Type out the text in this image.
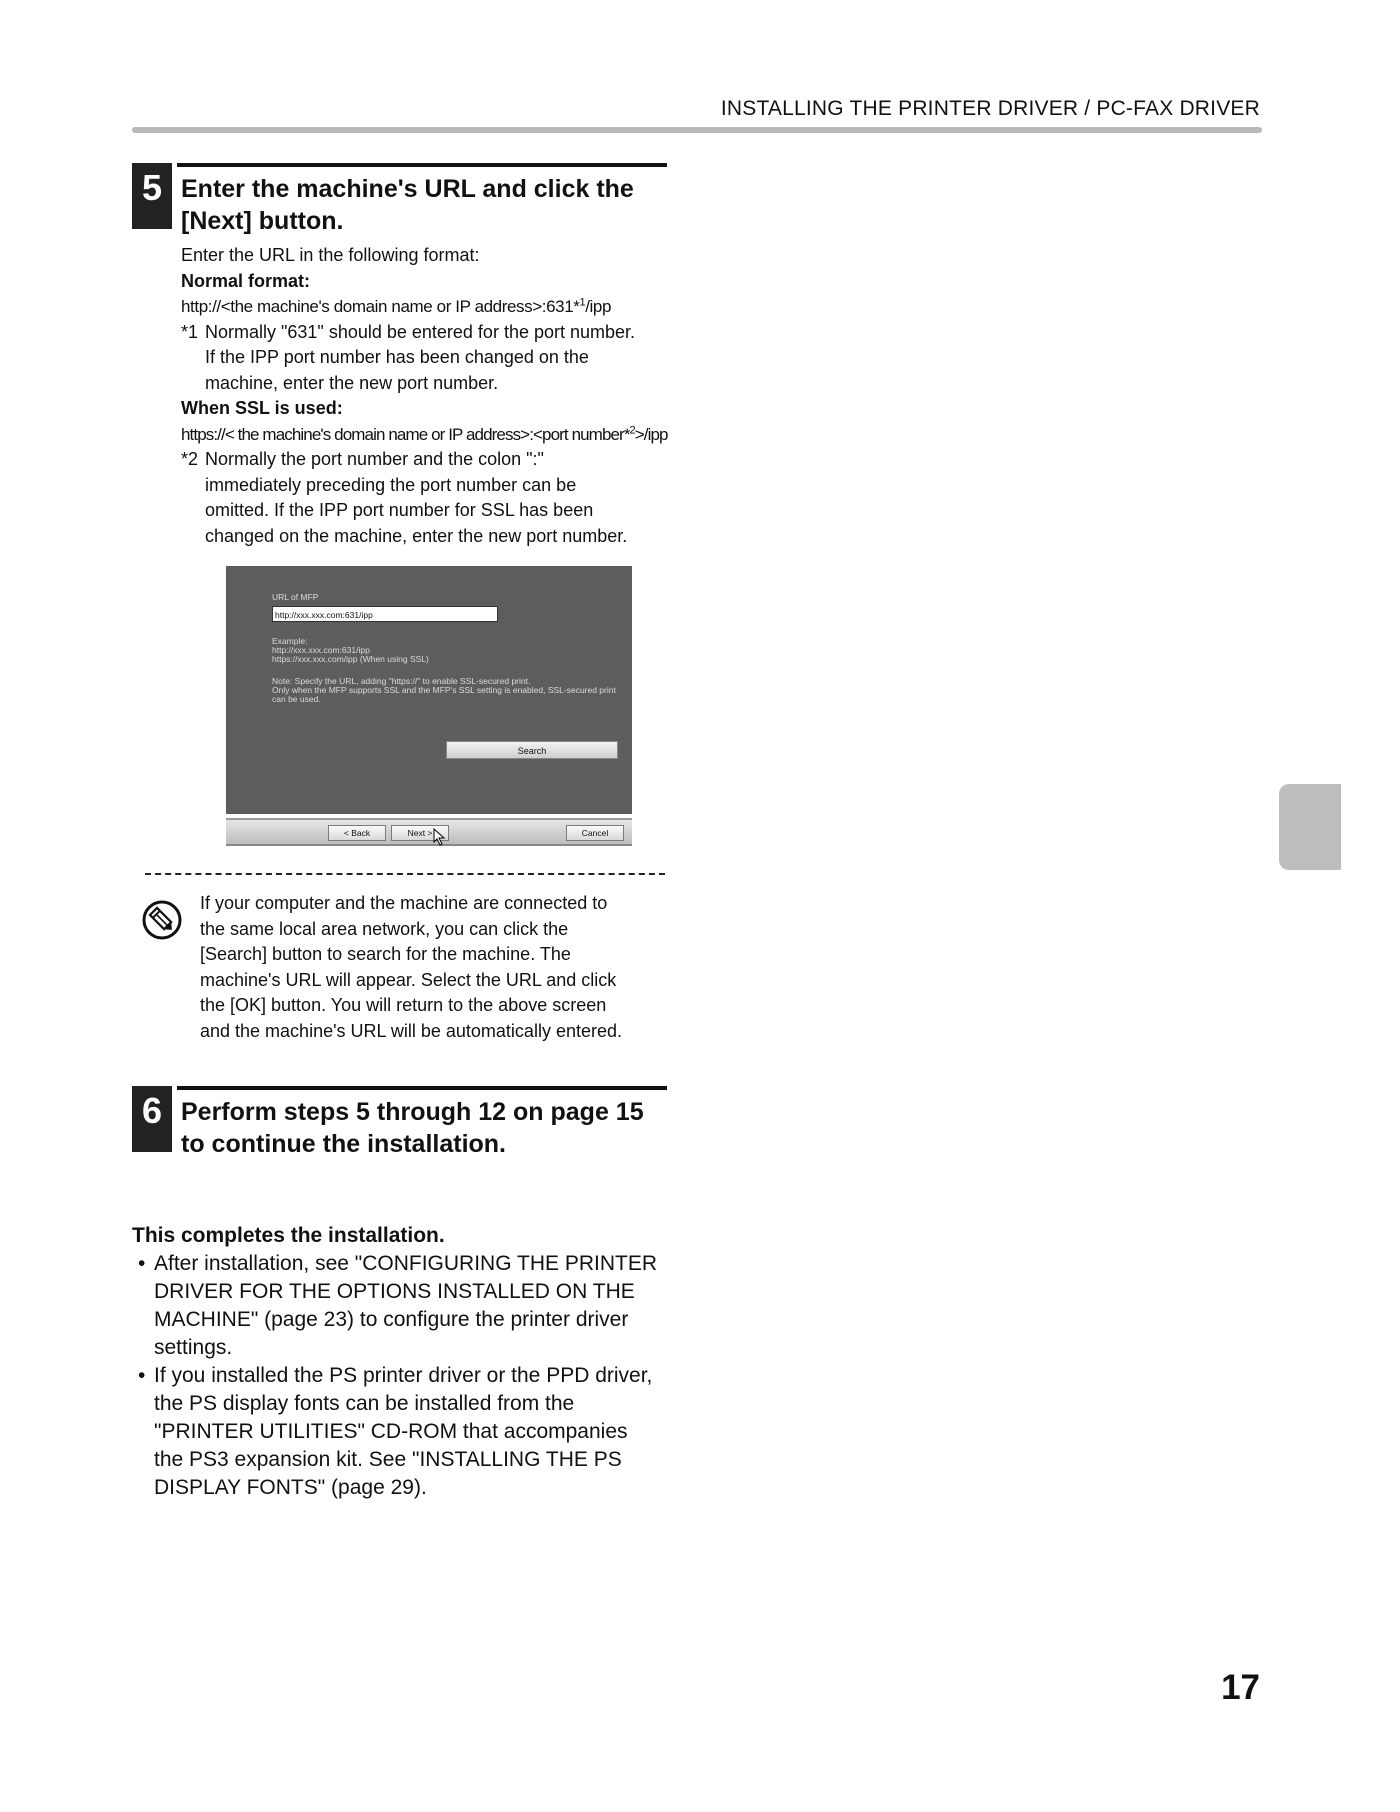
INSTALLING THE PRINTER DRIVER / PC-FAX DRIVER
5 Enter the machine's URL and click the
[Next] button.
Enter the URL in the following format:
Normal format:
http://<the machine's domain name or IP address>:631*$^1$/ipp
*1 Normally "631" should be entered for the port number.
If the IPP port number has been changed on the
machine, enter the new port number.
When SSL is used:
https://< the machine's domain name or IP address>:<port number*$^2$>/ipp
*2 Normally the port number and the colon ":"
immediately preceding the port number can be
omitted. If the IPP port number for SSL has been
changed on the machine, enter the new port number.
URL of MFP
http://xxx.xxx.com:631/ipp
Example:
http://xxx.xxx.com:631/ipp
https://xxx.xxx.com/ipp (When using SSL)
Note: Specify the URL, adding "https://" to enable SSL-secured print.
Only when the MFP supports SSL and the MFP's SSL setting is enabled, SSL-secured print
can be used.
Search
< Back	Next >	Cancel
If your computer and the machine are connected to
the same local area network, you can click the
[Search] button to search for the machine. The
machine's URL will appear. Select the URL and click
the [OK] button. You will return to the above screen
and the machine's URL will be automatically entered.
6 Perform steps 5 through 12 on page 15
to continue the installation.
This completes the installation.
• After installation, see "CONFIGURING THE PRINTER
DRIVER FOR THE OPTIONS INSTALLED ON THE
MACHINE" (page 23) to configure the printer driver
settings.
• If you installed the PS printer driver or the PPD driver,
the PS display fonts can be installed from the
"PRINTER UTILITIES" CD-ROM that accompanies
the PS3 expansion kit. See "INSTALLING THE PS
DISPLAY FONTS" (page 29).
17
